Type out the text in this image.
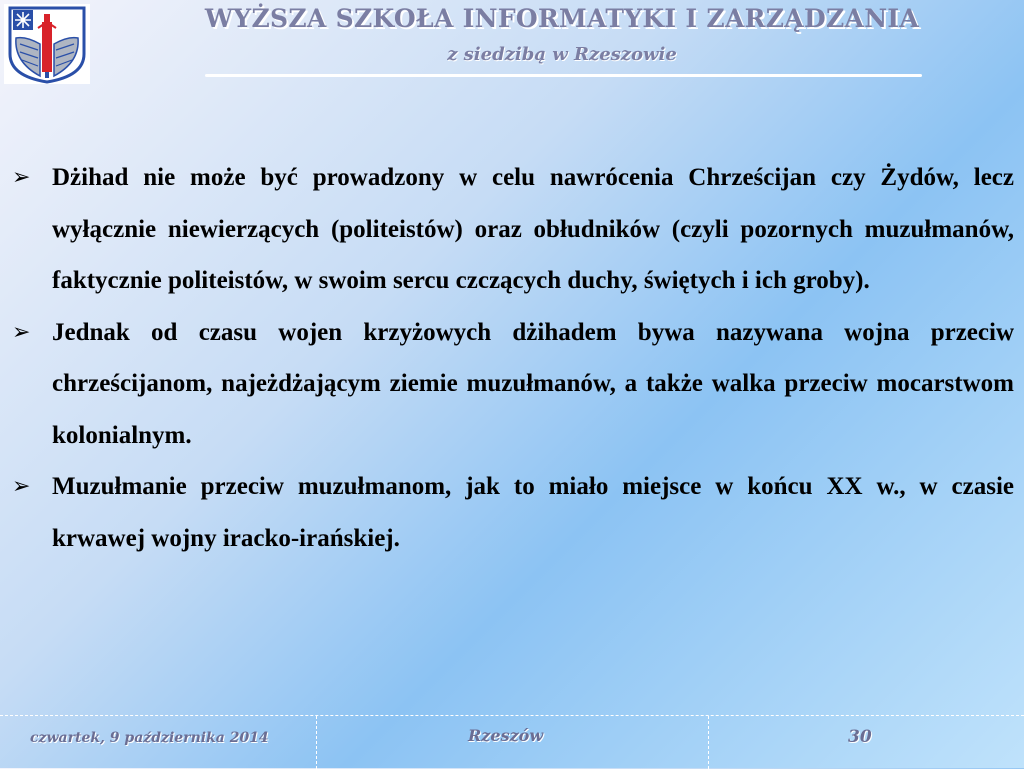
WYŻSZA SZKOŁA INFORMATYKI I ZARZĄDZANIA
z siedzibą w Rzeszowie
➢ Dżihad nie może być prowadzony w celu nawrócenia Chrześcijan czy Żydów, lecz wyłącznie niewierzących (politeistów) oraz obłudników (czyli pozornych muzułmanów, faktycznie politeistów, w swoim sercu czczących duchy, świętych i ich groby).
➢ Jednak od czasu wojen krzyżowych dżihadem bywa nazywana wojna przeciw chrześcijanom, najeżdżającym ziemie muzułmanów, a także walka przeciw mocarstwom kolonialnym.
➢ Muzułmanie przeciw muzułmanom, jak to miało miejsce w końcu XX w., w czasie krwawej wojny iracko-irańskiej.
czwartek, 9 października 2014	Rzeszów	30
